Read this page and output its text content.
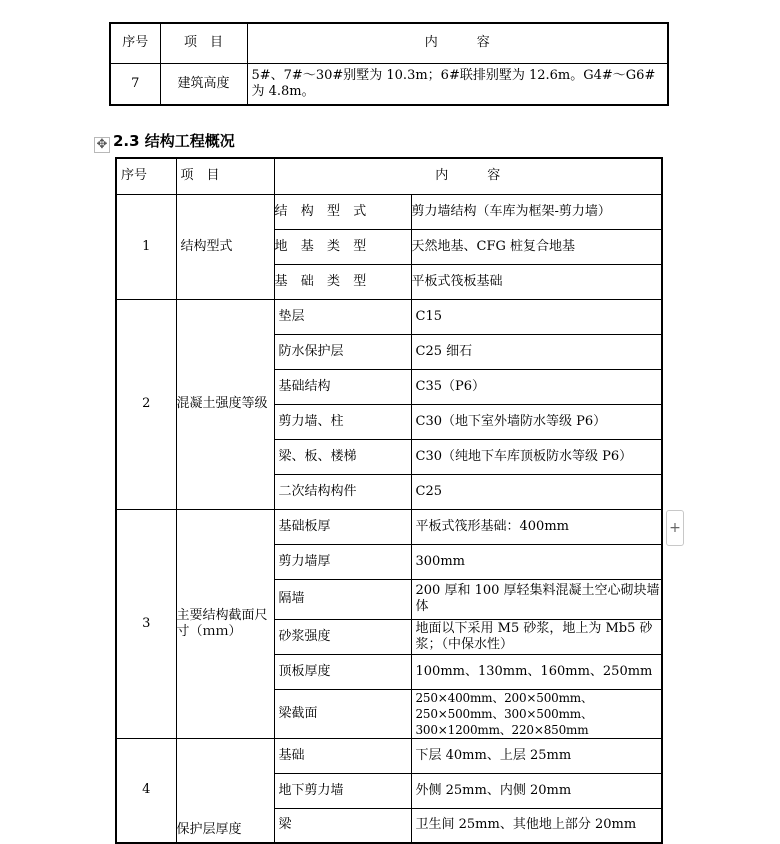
序号	项　目	内　　　容
7	建筑高度	5#、7#～30#别墅为 10.3m；6#联排别墅为 12.6m。G4#～G6#为 4.8m。
✥ 2.3 结构工程概况
序号	项　目	内　　　容	
1	结构型式	结 构 型 式	剪力墙结构（车库为框架-剪力墙）
		地 基 类 型	天然地基、CFG 桩复合地基
		基 础 类 型	平板式筏板基础
2	混凝土强度等级	垫层	C15
		防水保护层	C25 细石
		基础结构	C35（P6）
		剪力墙、柱	C30（地下室外墙防水等级 P6）
		梁、板、楼梯	C30（纯地下车库顶板防水等级 P6）
		二次结构构件	C25
3	主要结构截面尺寸（ｍｍ）	基础板厚	平板式筏形基础：400mm
		剪力墙厚	300mm
		隔墙	200 厚和 100 厚轻集料混凝土空心砌块墙体
		砂浆强度	地面以下采用 M5 砂浆，地上为 Mb5 砂浆；（中保水性）
		顶板厚度	100mm、130mm、160mm、250mm
		梁截面	250×400mm、200×500mm、250×500mm、300×500mm、300×1200mm、220×850mm
4	保护层厚度	基础	下层 40mm、上层 25mm
		地下剪力墙	外侧 25mm、内侧 20mm
		梁	卫生间 25mm、其他地上部分 20mm
+
